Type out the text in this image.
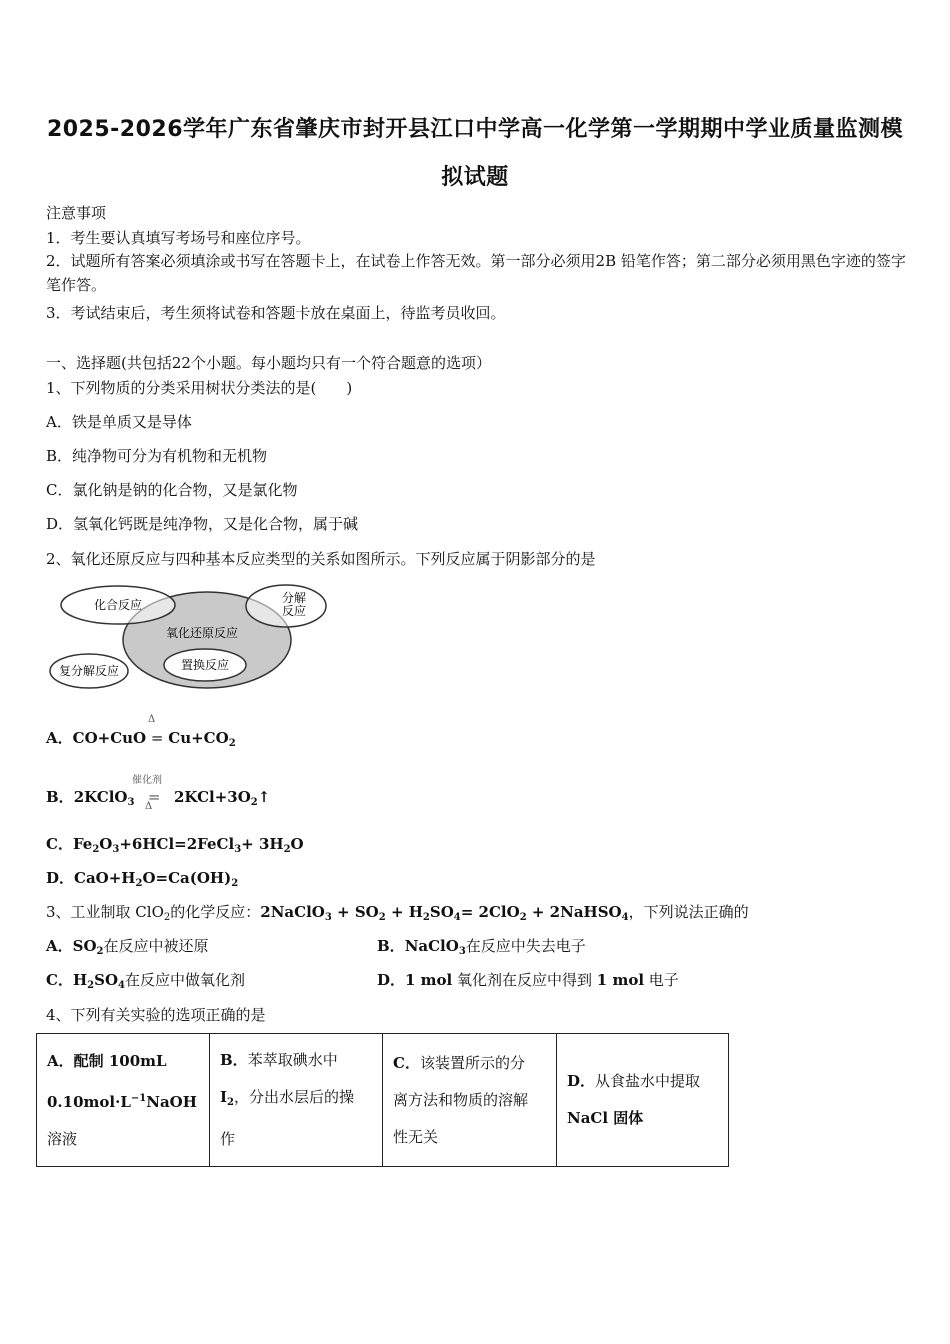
2025-2026学年广东省肇庆市封开县江口中学高一化学第一学期期中学业质量监测模
拟试题
注意事项
1．考生要认真填写考场号和座位序号。
2．试题所有答案必须填涂或书写在答题卡上，在试卷上作答无效。第一部分必须用2B 铅笔作答；第二部分必须用黑色字迹的签字笔作答。
3．考试结束后，考生须将试卷和答题卡放在桌面上，待监考员收回。
一、选择题(共包括22个小题。每小题均只有一个符合题意的选项）
1、下列物质的分类采用树状分类法的是(　　)
A．铁是单质又是导体
B．纯净物可分为有机物和无机物
C．氯化钠是钠的化合物，又是氯化物
D．氢氧化钙既是纯净物，又是化合物，属于碱
2、氧化还原反应与四种基本反应类型的关系如图所示。下列反应属于阴影部分的是
化合反应	分解
反应
氧化还原反应
置换反应
复分解反应
Δ
A．$CO+CuO = Cu+CO_2$
催化剂
Δ
B．2KClO$_3$ = $2KCl+3O_2↑$
C．$Fe_2O_3+6HCl=2FeCl_3+ 3H_2O$
D．$CaO+H_2O=Ca(OH)_2$
3、工业制取 ClO$_2$的化学反应：2NaClO$_3$ + $SO_2 + H_2SO_4= 2ClO_2$ + 2NaHSO$_4$，下列说法正确的
A．$SO_2$在反应中被还原	B．NaClO$_3$在反应中失去电子
C．$H_2SO_4$在反应中做氧化剂	D．1 mol 氧化剂在反应中得到 1 mol 电子
4、下列有关实验的选项正确的是
A．配制 100mL
$0.10mol\cdot L^{-1}NaOH$
溶液	B．苯萃取碘水中
$I_2$，分出水层后的操
作	C．该装置所示的分
离方法和物质的溶解
性无关	D．从食盐水中提取
NaCl 固体
